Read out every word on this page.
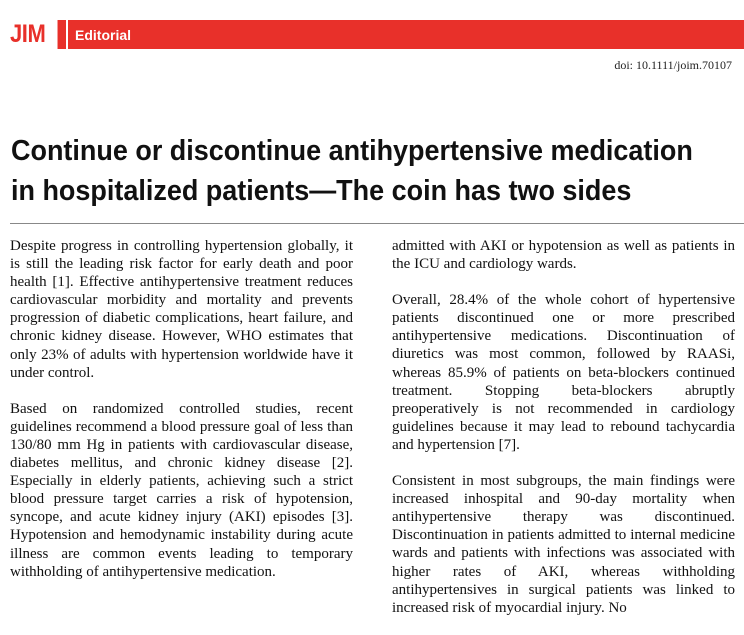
JIM	Editorial
doi: 10.1111/joim.70107
Continue or discontinue antihypertensive medication
in hospitalized patients—The coin has two sides

Despite progress in controlling hypertension globally, it is still the leading risk factor for early death and poor health [1]. Effective antihypertensive treatment reduces cardiovascular morbidity and mortality and prevents progression of diabetic complications, heart failure, and chronic kidney disease. However, WHO estimates that only 23% of adults with hypertension worldwide have it under control.

Based on randomized controlled studies, recent guidelines recommend a blood pressure goal of less than 130/80 mm Hg in patients with cardiovascular disease, diabetes mellitus, and chronic kidney disease [2]. Especially in elderly patients, achieving such a strict blood pressure target carries a risk of hypotension, syncope, and acute kidney injury (AKI) episodes [3]. Hypotension and hemodynamic instability during acute illness are common events leading to temporary withholding of antihypertensive medication.

admitted with AKI or hypotension as well as patients in the ICU and cardiology wards.

Overall, 28.4% of the whole cohort of hypertensive patients discontinued one or more prescribed antihypertensive medications. Discontinuation of diuretics was most common, followed by RAASi, whereas 85.9% of patients on beta-blockers continued treatment. Stopping beta-blockers abruptly preoperatively is not recommended in cardiology guidelines because it may lead to rebound tachycardia and hypertension [7].

Consistent in most subgroups, the main findings were increased inhospital and 90-day mortality when antihypertensive therapy was discontinued. Discontinuation in patients admitted to internal medicine wards and patients with infections was associated with higher rates of AKI, whereas withholding antihypertensives in surgical patients was linked to increased risk of myocardial injury. No
